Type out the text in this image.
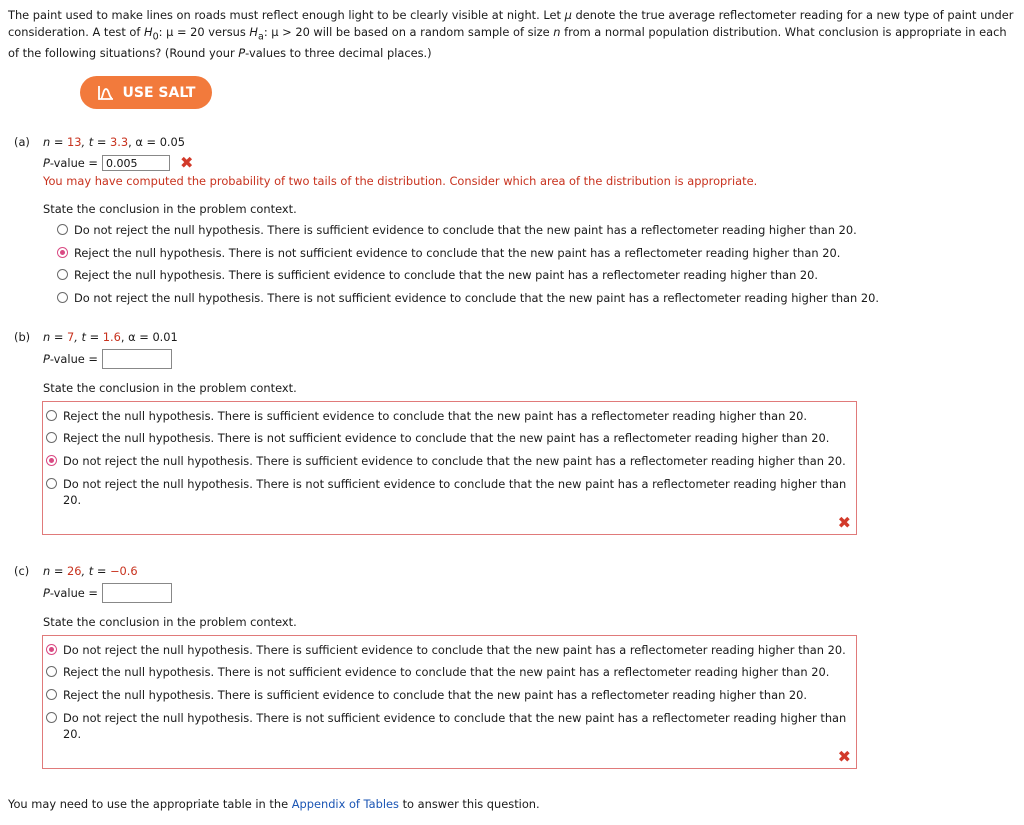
The paint used to make lines on roads must reflect enough light to be clearly visible at night. Let μ denote the true average reflectometer reading for a new type of paint under consideration. A test of $H_0$: μ = 20 versus $H_a$: μ > 20 will be based on a random sample of size n from a normal population distribution. What conclusion is appropriate in each of the following situations? (Round your P-values to three decimal places.)
USE SALT
(a) n = 13, t = 3.3, α = 0.05
P-value =
0.005	✖
You may have computed the probability of two tails of the distribution. Consider which area of the distribution is appropriate.
State the conclusion in the problem context.
Do not reject the null hypothesis. There is sufficient evidence to conclude that the new paint has a reflectometer reading higher than 20.
Reject the null hypothesis. There is not sufficient evidence to conclude that the new paint has a reflectometer reading higher than 20.
Reject the null hypothesis. There is sufficient evidence to conclude that the new paint has a reflectometer reading higher than 20.
Do not reject the null hypothesis. There is not sufficient evidence to conclude that the new paint has a reflectometer reading higher than 20.
(b) n = 7, t = 1.6, α = 0.01
P-value =
State the conclusion in the problem context.
✖
Reject the null hypothesis. There is sufficient evidence to conclude that the new paint has a reflectometer reading higher than 20.
Reject the null hypothesis. There is not sufficient evidence to conclude that the new paint has a reflectometer reading higher than 20.
Do not reject the null hypothesis. There is sufficient evidence to conclude that the new paint has a reflectometer reading higher than 20.
Do not reject the null hypothesis. There is not sufficient evidence to conclude that the new paint has a reflectometer reading higher than 20.
(c) n = 26, t = −0.6
P-value =
State the conclusion in the problem context.
✖
Do not reject the null hypothesis. There is sufficient evidence to conclude that the new paint has a reflectometer reading higher than 20.
Reject the null hypothesis. There is not sufficient evidence to conclude that the new paint has a reflectometer reading higher than 20.
Reject the null hypothesis. There is sufficient evidence to conclude that the new paint has a reflectometer reading higher than 20.
Do not reject the null hypothesis. There is not sufficient evidence to conclude that the new paint has a reflectometer reading higher than 20.
You may need to use the appropriate table in the Appendix of Tables to answer this question.
